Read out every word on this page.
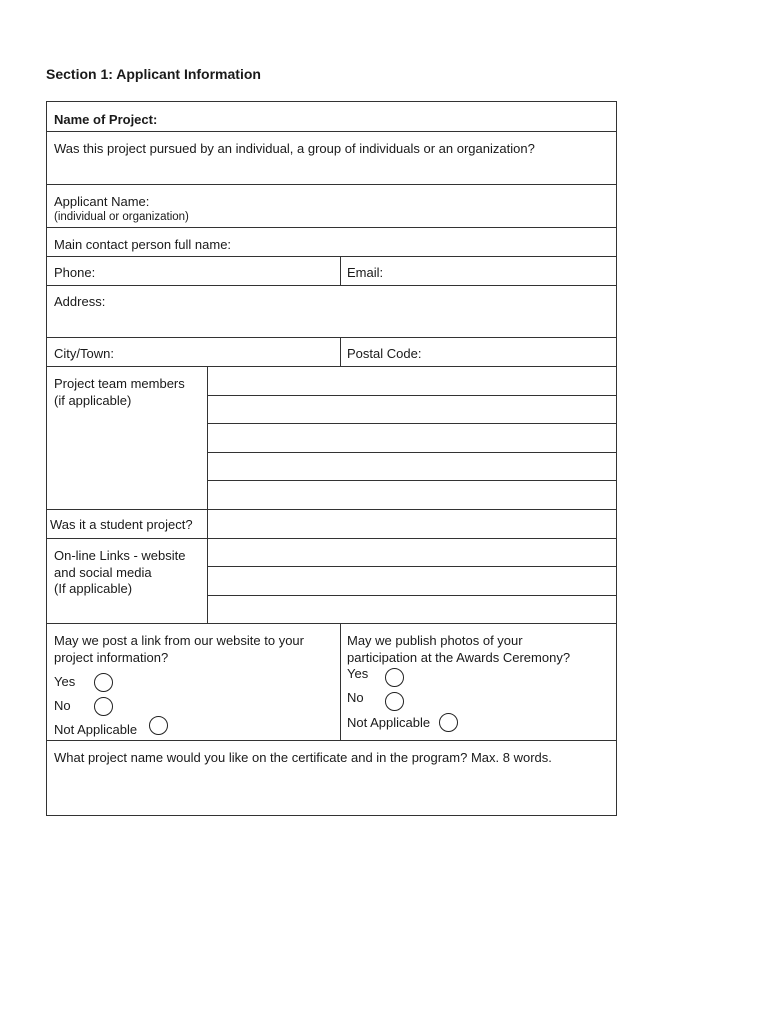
Section 1: Applicant Information
Name of Project:
Was this project pursued by an individual, a group of individuals or an organization?
Applicant Name:
(individual or organization)
Main contact person full name:
Phone:	Email:
Address:
City/Town:	Postal Code:
Project team members
(if applicable)
Was it a student project?
On-line Links - website
and social media
(If applicable)
May we post a link from our website to your
project information?
Yes
No
Not Applicable
May we publish photos of your
participation at the Awards Ceremony?
Yes
No
Not Applicable
What project name would you like on the certificate and in the program? Max. 8 words.
